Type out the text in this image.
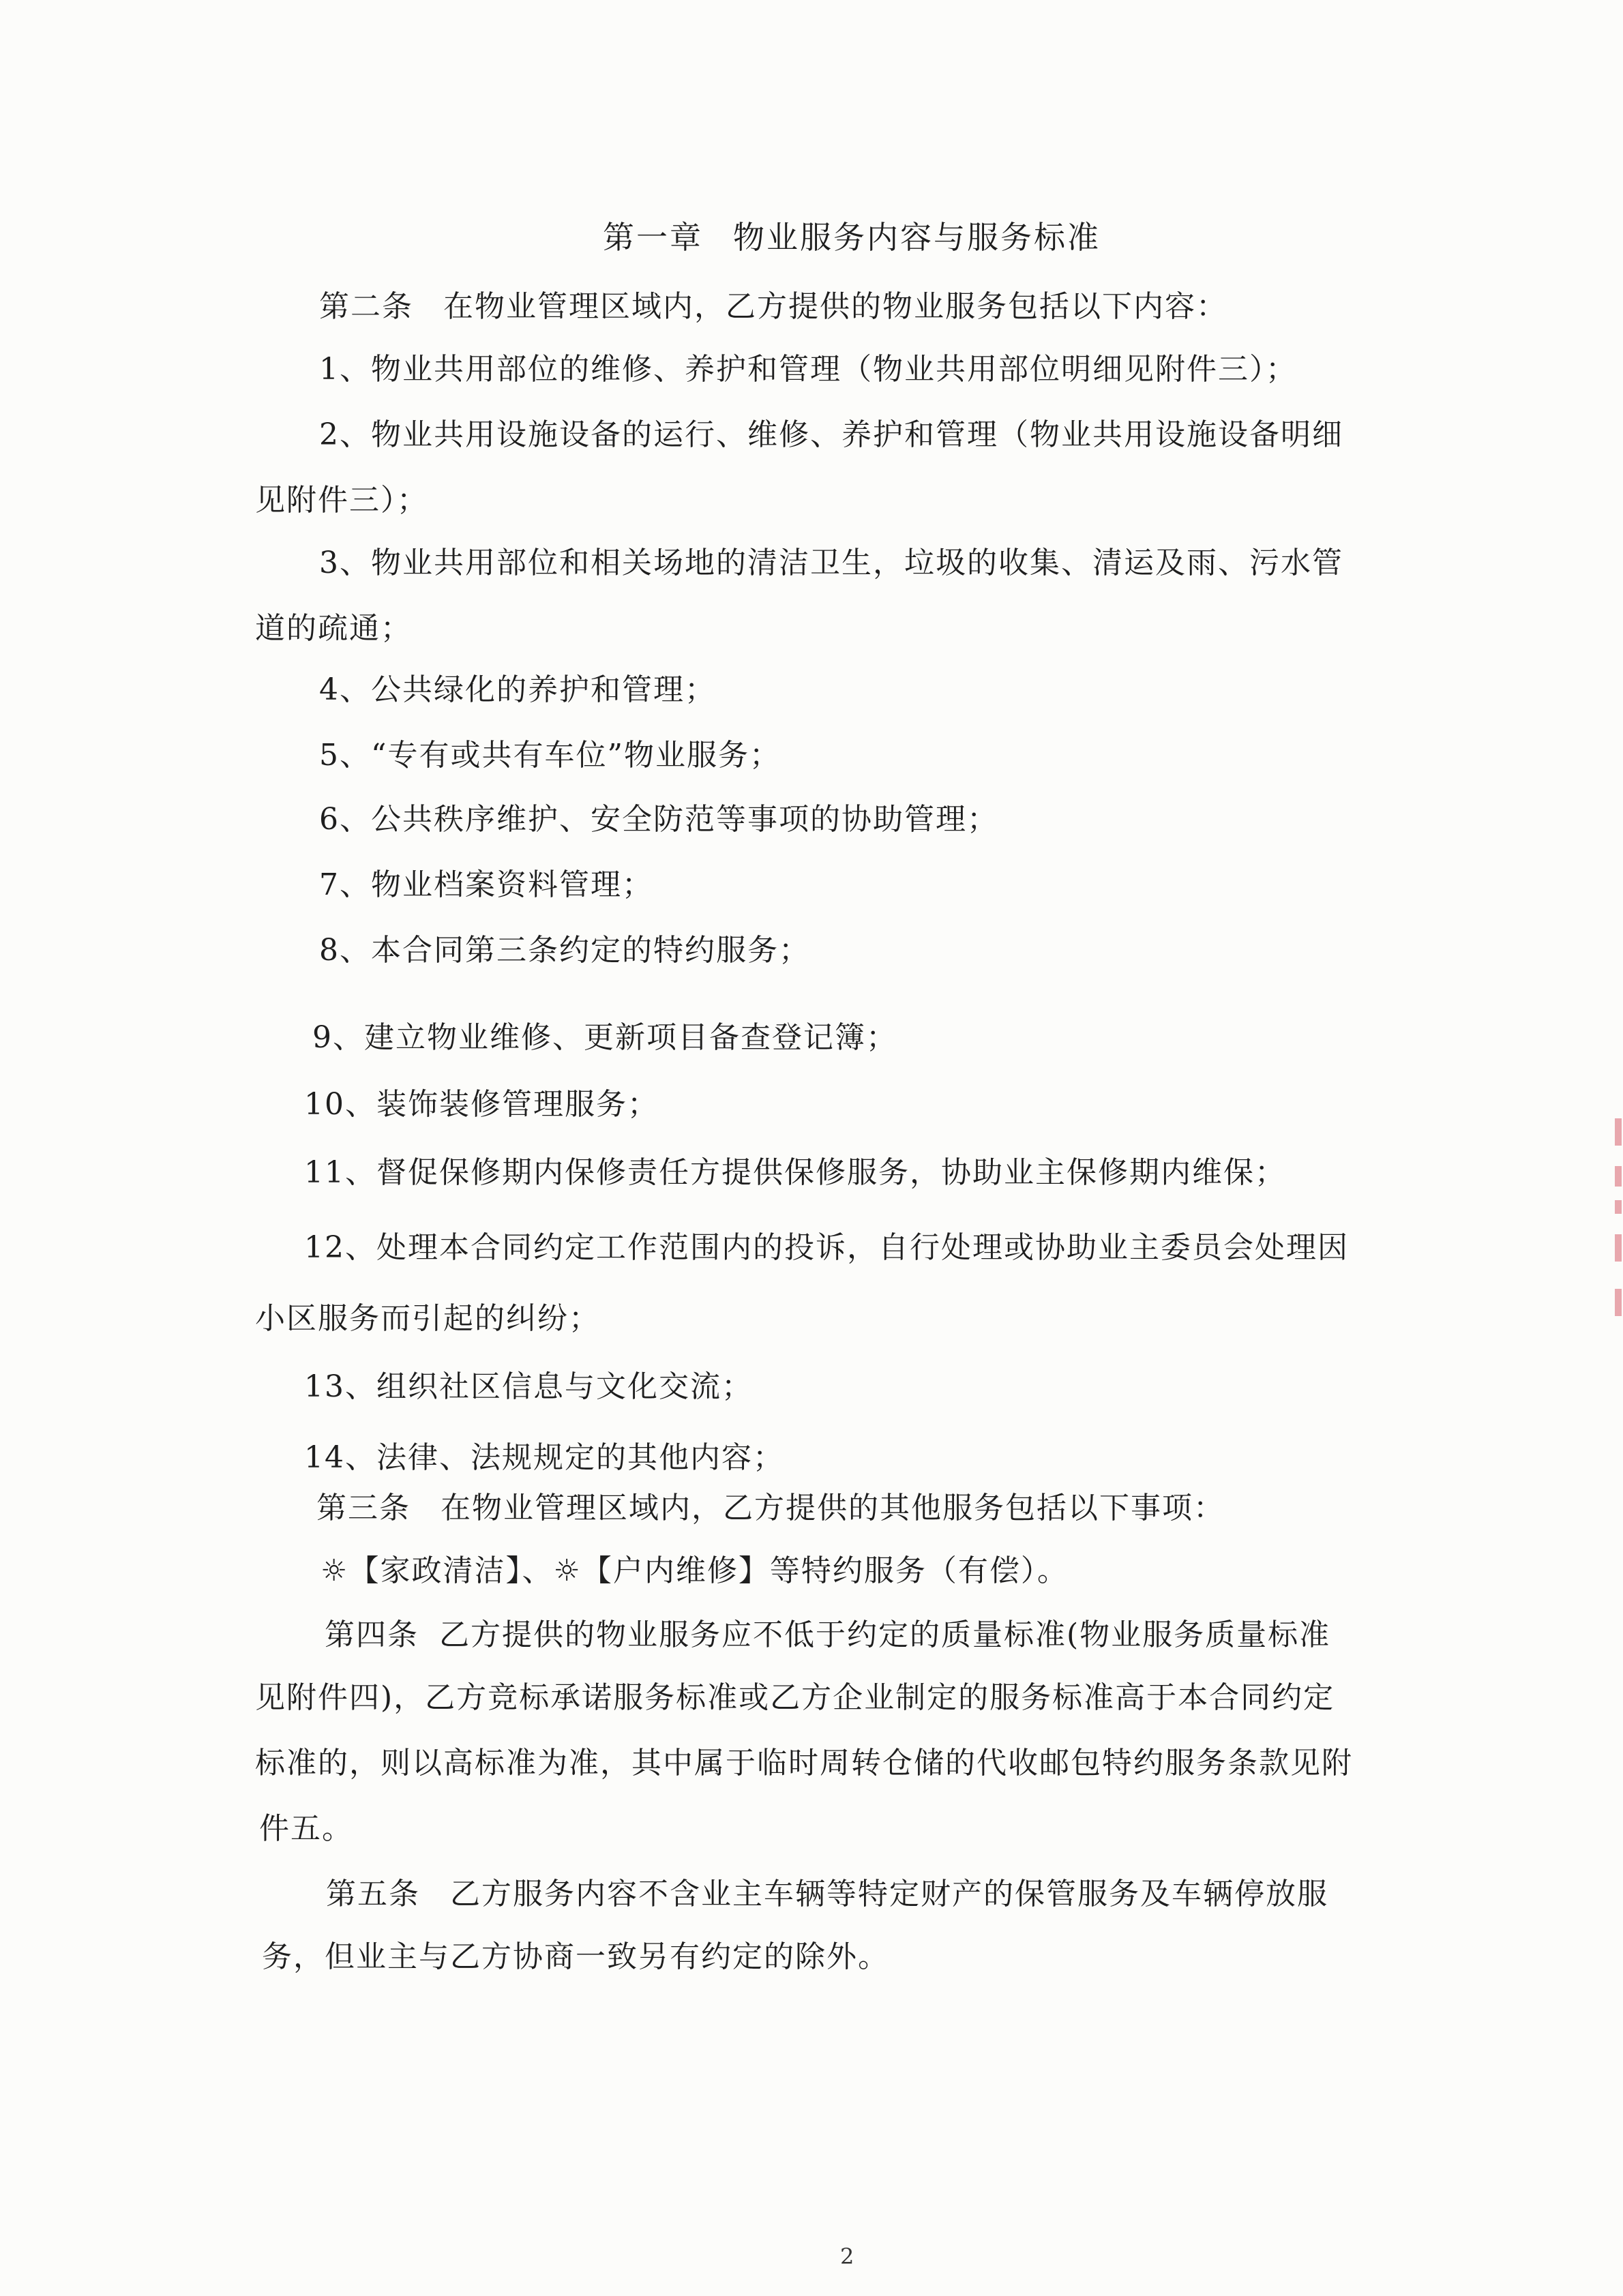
第一章 物业服务内容与服务标准
第二条 在物业管理区域内，乙方提供的物业服务包括以下内容：
1、物业共用部位的维修、养护和管理（物业共用部位明细见附件三）；
2、物业共用设施设备的运行、维修、养护和管理（物业共用设施设备明细
见附件三）；
3、物业共用部位和相关场地的清洁卫生，垃圾的收集、清运及雨、污水管
道的疏通；
4、公共绿化的养护和管理；
5、“专有或共有车位”物业服务；
6、公共秩序维护、安全防范等事项的协助管理；
7、物业档案资料管理；
8、本合同第三条约定的特约服务；
9、建立物业维修、更新项目备查登记簿；
10、装饰装修管理服务；
11、督促保修期内保修责任方提供保修服务，协助业主保修期内维保；
12、处理本合同约定工作范围内的投诉，自行处理或协助业主委员会处理因
小区服务而引起的纠纷；
13、组织社区信息与文化交流；
14、法律、法规规定的其他内容；
第三条 在物业管理区域内，乙方提供的其他服务包括以下事项：
☼【家政清洁】、☼【户内维修】等特约服务（有偿）。
第四条 乙方提供的物业服务应不低于约定的质量标准(物业服务质量标准
见附件四)，乙方竞标承诺服务标准或乙方企业制定的服务标准高于本合同约定
标准的，则以高标准为准，其中属于临时周转仓储的代收邮包特约服务条款见附
件五。
第五条 乙方服务内容不含业主车辆等特定财产的保管服务及车辆停放服
务，但业主与乙方协商一致另有约定的除外。
2
